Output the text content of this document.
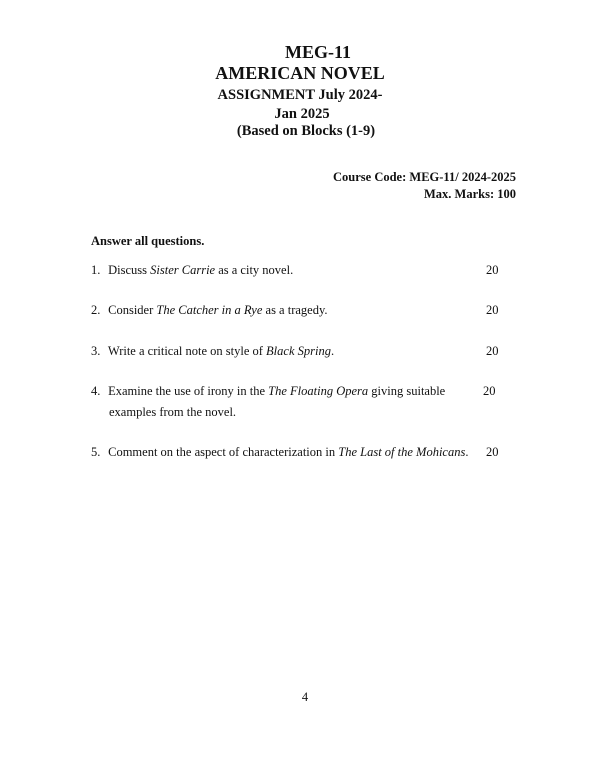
MEG-11
AMERICAN NOVEL
ASSIGNMENT July 2024-
Jan 2025
(Based on Blocks (1-9)
Course Code: MEG-11/ 2024-2025
Max. Marks: 100
Answer all questions.
1. Discuss Sister Carrie as a city novel.	20
2. Consider The Catcher in a Rye as a tragedy.	20
3. Write a critical note on style of Black Spring.	20
4. Examine the use of irony in the The Floating Opera giving suitable	20
examples from the novel.
5. Comment on the aspect of characterization in The Last of the Mohicans. 20
4
